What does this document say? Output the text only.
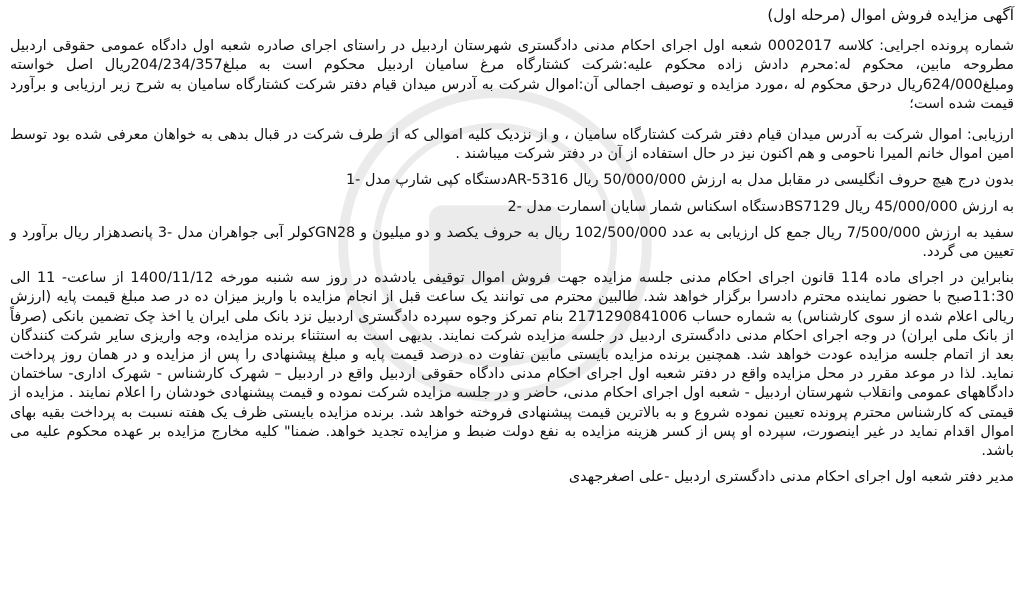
آگهی مزایده فروش اموال (مرحله اول)
شماره پرونده اجرایی: کلاسه 0002017 شعبه اول اجرای احکام مدنی دادگستری شهرستان اردبیل در راستای اجرای صادره شعبه اول دادگاه عمومی حقوقی اردبیل مطروحه مابین، محکوم له:محرم دادش زاده محکوم علیه:شرکت کشتارگاه مرغ سامیان اردبیل محکوم است به مبلغ204/234/357ریال اصل خواسته ومبلغ624/000ریال درحق محکوم له ،مورد مزایده و توصیف اجمالی آن:اموال شرکت به آدرس میدان قیام دفتر شرکت کشتارگاه سامیان به شرح زیر ارزیابی و برآورد قیمت شده است؛
ارزیابی: اموال شرکت به آدرس میدان قیام دفتر شرکت کشتارگاه سامیان ، و از نزدیک کلیه اموالی که از طرف شرکت در قبال بدهی به خواهان معرفی شده بود توسط امین اموال خانم المیرا ناحومی و هم اکنون نیز در حال استفاده از آن در دفتر شرکت میباشند .
بدون درج هیچ حروف انگلیسی در مقابل مدل به ارزش 50/000/000 ریال AR-5316دستگاه کپی شارپ مدل -1
به ارزش 45/000/000 ریال BS7129دستگاه اسکناس شمار سایان اسمارت مدل -2
سفید به ارزش 7/500/000 ریال جمع کل ارزیابی به عدد 102/500/000 ریال به حروف یکصد و دو میلیون و GN28کولر آبی جواهران مدل -3 پانصدهزار ریال برآورد و تعیین می گردد.
بنابراین در اجرای ماده 114 قانون اجرای احکام مدنی جلسه مزایده جهت فروش اموال توقیفی یادشده در روز سه شنبه مورخه 1400/11/12 از ساعت- 11 الی 11:30صبح با حضور نماینده محترم دادسرا برگزار خواهد شد. طالبین محترم می توانند یک ساعت قبل از انجام مزایده با واریز میزان ده در صد مبلغ قیمت پایه (ارزش ریالی اعلام شده از سوی کارشناس) به شماره حساب 2171290841006 بنام تمرکز وجوه سپرده دادگستری اردبیل نزد بانک ملی ایران یا اخذ چک تضمین بانکی (صرفاً از بانک ملی ایران) در وجه اجرای احکام مدنی دادگستری اردبیل در جلسه مزایده شرکت نمایند. بدیهی است به استثناء برنده مزایده، وجه واریزی سایر شرکت کنندگان بعد از اتمام جلسه مزایده عودت خواهد شد. همچنین برنده مزایده بایستی مابین تفاوت ده درصد قیمت پایه و مبلغ پیشنهادی را پس از مزایده و در همان روز پرداخت نماید. لذا در موعد مقرر در محل مزایده واقع در دفتر شعبه اول اجرای احکام مدنی دادگاه حقوقی اردبیل واقع در اردبیل – شهرک کارشناس - شهرک اداری- ساختمان دادگاههای عمومی وانقلاب شهرستان اردبیل - شعبه اول اجرای احکام مدنی، حاضر و در جلسه مزایده شرکت نموده و قیمت پیشنهادی خودشان را اعلام نمایند . مزایده از قیمتی که کارشناس محترم پرونده تعیین نموده شروع و به بالاترین قیمت پیشنهادی فروخته خواهد شد. برنده مزایده بایستی ظرف یک هفته نسبت به پرداخت بقیه بهای اموال اقدام نماید در غیر اینصورت، سپرده او پس از کسر هزینه مزایده به نفع دولت ضبط و مزایده تجدید خواهد. ضمنا" کلیه مخارج مزایده بر عهده محکوم علیه می باشد.
مدیر دفتر شعبه اول اجرای احکام مدنی دادگستری اردبیل -علی اصغرجهدی
